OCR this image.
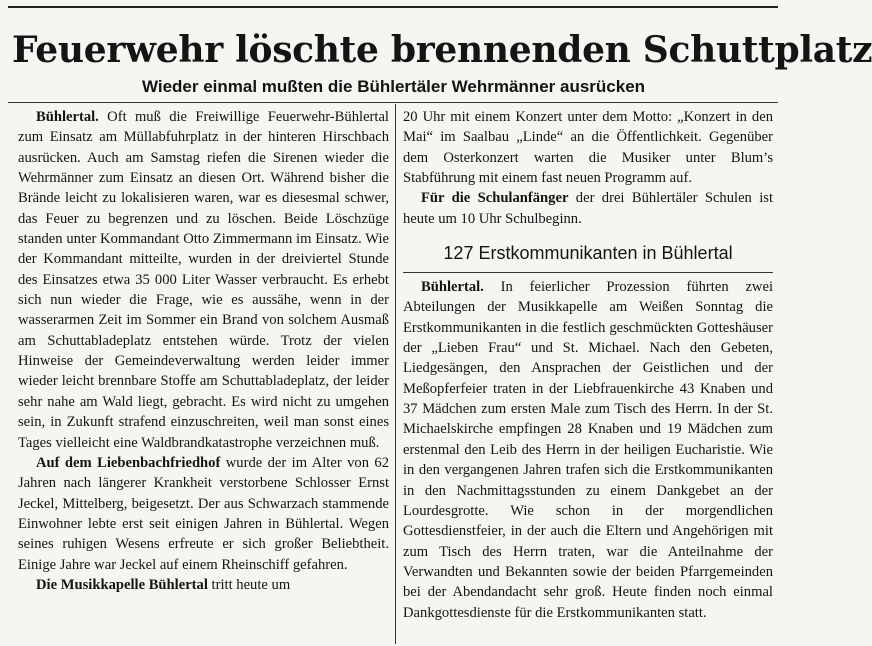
Feuerwehr löschte brennenden Schuttplatz
Wieder einmal mußten die Bühlertäler Wehrmänner ausrücken

Bühlertal. Oft muß die Freiwillige Feuerwehr-Bühlertal zum Einsatz am Müllabfuhrplatz in der hinteren Hirschbach ausrücken. Auch am Samstag riefen die Sirenen wieder die Wehrmänner zum Einsatz an diesen Ort. Während bisher die Brände leicht zu lokalisieren waren, war es diesesmal schwer, das Feuer zu begrenzen und zu löschen. Beide Löschzüge standen unter Kommandant Otto Zimmermann im Einsatz. Wie der Kommandant mitteilte, wurden in der dreiviertel Stunde des Einsatzes etwa 35 000 Liter Wasser verbraucht. Es erhebt sich nun wieder die Frage, wie es aussähe, wenn in der wasserarmen Zeit im Sommer ein Brand von solchem Ausmaß am Schuttabladeplatz entstehen würde. Trotz der vielen Hinweise der Gemeindeverwaltung werden leider immer wieder leicht brennbare Stoffe am Schuttabladeplatz, der leider sehr nahe am Wald liegt, gebracht. Es wird nicht zu umgehen sein, in Zukunft strafend einzuschreiten, weil man sonst eines Tages vielleicht eine Waldbrandkatastrophe verzeichnen muß.

Auf dem Liebenbachfriedhof wurde der im Alter von 62 Jahren nach längerer Krankheit verstorbene Schlosser Ernst Jeckel, Mittelberg, beigesetzt. Der aus Schwarzach stammende Einwohner lebte erst seit einigen Jahren in Bühlertal. Wegen seines ruhigen Wesens erfreute er sich großer Beliebtheit. Einige Jahre war Jeckel auf einem Rheinschiff gefahren.

Die Musikkapelle Bühlertal tritt heute um

20 Uhr mit einem Konzert unter dem Motto: „Konzert in den Mai“ im Saalbau „Linde“ an die Öffentlichkeit. Gegenüber dem Osterkonzert warten die Musiker unter Blum’s Stabführung mit einem fast neuen Programm auf.

Für die Schulanfänger der drei Bühlertäler Schulen ist heute um 10 Uhr Schulbeginn.

127 Erstkommunikanten in Bühlertal

Bühlertal. In feierlicher Prozession führten zwei Abteilungen der Musikkapelle am Weißen Sonntag die Erstkommunikanten in die festlich geschmückten Gotteshäuser der „Lieben Frau“ und St. Michael. Nach den Gebeten, Liedgesängen, den Ansprachen der Geistlichen und der Meßopferfeier traten in der Liebfrauenkirche 43 Knaben und 37 Mädchen zum ersten Male zum Tisch des Herrn. In der St. Michaelskirche empfingen 28 Knaben und 19 Mädchen zum erstenmal den Leib des Herrn in der heiligen Eucharistie. Wie in den vergangenen Jahren trafen sich die Erstkommunikanten in den Nachmittagsstunden zu einem Dankgebet an der Lourdesgrotte. Wie schon in der morgendlichen Gottesdienstfeier, in der auch die Eltern und Angehörigen mit zum Tisch des Herrn traten, war die Anteilnahme der Verwandten und Bekannten sowie der beiden Pfarrgemeinden bei der Abendandacht sehr groß. Heute finden noch einmal Dankgottesdienste für die Erstkommunikanten statt.
